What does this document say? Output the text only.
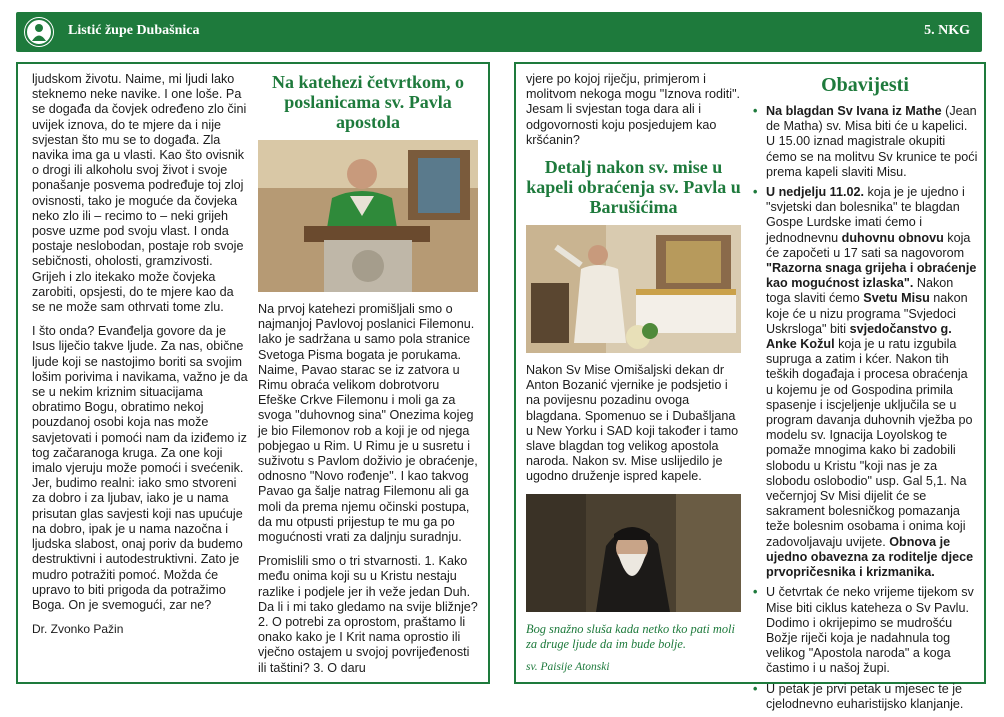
Listić župe Dubašnica	5. NKG

ljudskom životu. Naime, mi ljudi lako steknemo neke navike. I one loše. Pa se događa da čovjek određeno zlo čini uvijek iznova, do te mjere da i nije svjestan što mu se to događa. Zla navika ima ga u vlasti. Kao što ovisnik o drogi ili alkoholu svoj život i svoje ponašanje posvema podređuje toj zloj ovisnosti, tako je moguće da čovjeka neko zlo ili – recimo to – neki grijeh posve uzme pod svoju vlast. I onda postaje neslobodan, postaje rob svoje sebičnosti, oholosti, gramzivosti. Grijeh i zlo itekako može čovjeka zarobiti, opsjesti, do te mjere kao da se ne može sam othrvati tome zlu.

I što onda? Evanđelja govore da je Isus liječio takve ljude. Za nas, obične ljude koji se nastojimo boriti sa svojim lošim porivima i navikama, važno je da se u nekim kriznim situacijama obratimo Bogu, obratimo nekoj pouzdanoj osobi koja nas može savjetovati i pomoći nam da iziđemo iz tog začaranoga kruga. Za one koji imalo vjeruju može pomoći i svećenik. Jer, budimo realni: iako smo stvoreni za dobro i za ljubav, iako je u nama prisutan glas savjesti koji nas upućuje na dobro, ipak je u nama nazočna i ljudska slabost, onaj poriv da budemo destruktivni i autodestruktivni. Zato je mudro potražiti pomoć. Možda će upravo to biti prigoda da potražimo Boga. On je svemogući, zar ne?

Dr. Zvonko Pažin

Na katehezi četvrtkom, o poslanicama sv. Pavla apostola

Na prvoj katehezi promišljali smo o najmanjoj Pavlovoj poslanici Filemonu. Iako je sadržana u samo pola stranice Svetoga Pisma bogata je porukama. Naime, Pavao starac se iz zatvora u Rimu obraća velikom dobrotvoru Efeške Crkve Filemonu i moli ga za svoga "duhovnog sina" Onezima kojeg je bio Filemonov rob a koji je od njega pobjegao u Rim. U Rimu je u susretu i suživotu s Pavlom doživio je obraćenje, odnosno "Novo rođenje". I kao takvog Pavao ga šalje natrag Filemonu ali ga moli da prema njemu očinski postupa, da mu otpusti prijestup te mu ga po mogućnosti vrati za daljnju suradnju.

Promislili smo o tri stvarnosti. 1. Kako među onima koji su u Kristu nestaju razlike i podjele jer ih veže jedan Duh. Da li i mi tako gledamo na svije bližnje? 2. O potrebi za oprostom, praštamo li onako kako je I Krit nama oprostio ili vječno ostajem u svojoj povrijeđenosti ili taštini? 3. O daru

vjere po kojoj riječju, primjerom i molitvom nekoga mogu "Iznova roditi". Jesam li svjestan toga dara ali i odgovornosti koju posjedujem kao kršćanin?

Detalj nakon sv. mise u kapeli obraćenja sv. Pavla u Barušićima

Nakon Sv Mise Omišaljski dekan dr Anton Bozanić vjernike je podsjetio i na povijesnu pozadinu ovoga blagdana. Spomenuo se i Dubašljana u New Yorku i SAD koji također i tamo slave blagdan tog velikog apostola naroda. Nakon sv. Mise uslijedilo je ugodno druženje ispred kapele.

Bog snažno sluša kada netko tko pati moli za druge ljude da im bude bolje.
sv. Paisije Atonski
Obavijesti
• Na blagdan Sv Ivana iz Mathe (Jean de Matha) sv. Misa biti će u kapelici. U 15.00 iznad magistrale okupiti ćemo se na molitvu Sv krunice te poći prema kapeli slaviti Misu.
• U nedjelju 11.02. koja je je ujedno i "svjetski dan bolesnika" te blagdan Gospe Lurdske imati ćemo i jednodnevnu duhovnu obnovu koja će započeti u 17 sati sa nagovorom "Razorna snaga grijeha i obraćenje kao mogućnost izlaska". Nakon toga slaviti ćemo Svetu Misu nakon koje će u nizu programa "Svjedoci Uskrsloga" biti svjedočanstvo g. Anke Kožul koja je u ratu izgubila supruga a zatim i kćer. Nakon tih teških događaja i procesa obraćenja u kojemu je od Gospodina primila spasenje i iscjeljenje uključila se u program davanja duhovnih vježba po modelu sv. Ignacija Loyolskog te pomaže mnogima kako bi zadobili slobodu u Kristu "koji nas je za slobodu oslobodio" usp. Gal 5,1. Na večernjoj Sv Misi dijelit će se sakrament bolesničkog pomazanja teže bolesnim osobama i onima koji zadovoljavaju uvijete. Obnova je ujedno obavezna za roditelje djece prvopričesnika i krizmanika.
• U četvrtak će neko vrijeme tijekom sv Mise biti ciklus kateheza o Sv Pavlu. Dodimo i okrijepimo se mudrošću Božje riječi koja je nadahnula tog velikog "Apostola naroda" a koga častimo i u našoj župi.
• U petak je prvi petak u mjesec te je cjelodnevno euharistijsko klanjanje.
